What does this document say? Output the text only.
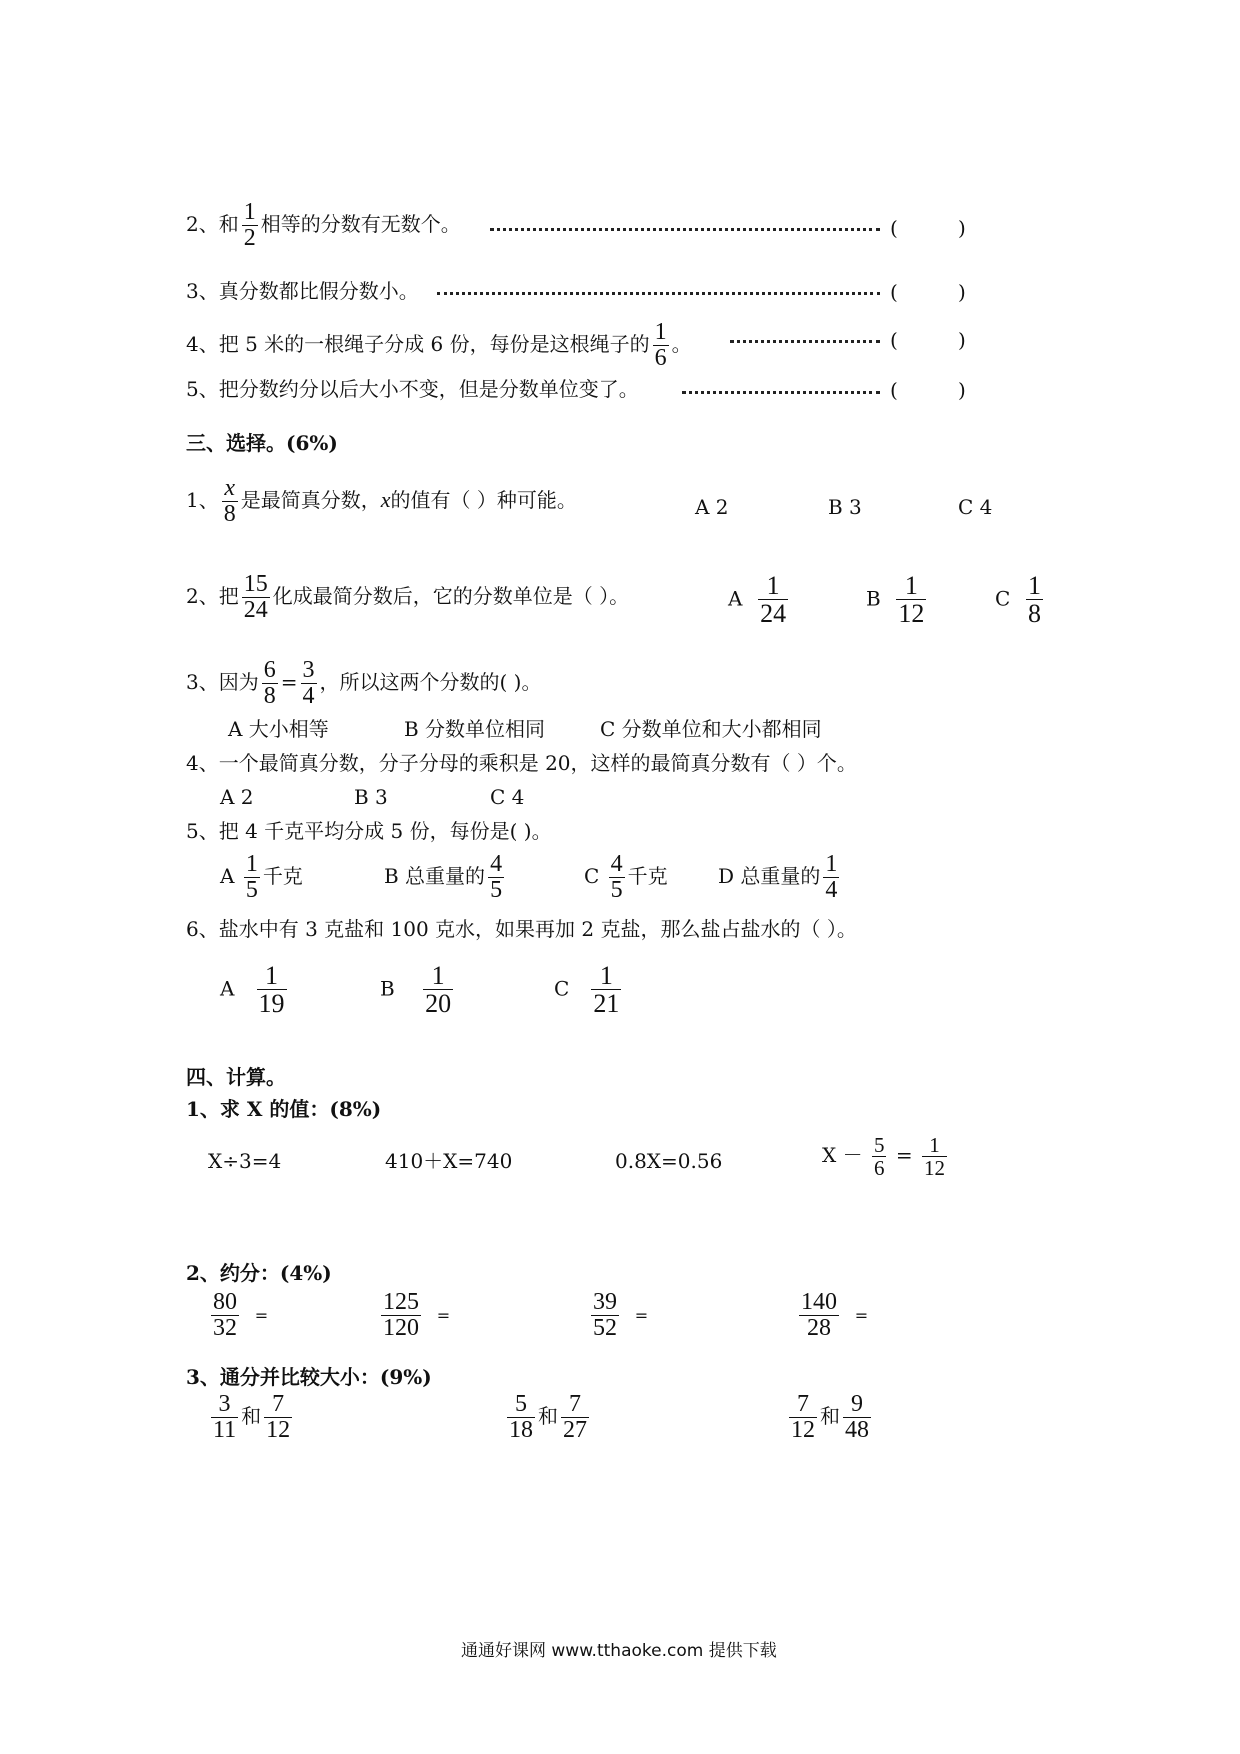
2、和 $\frac{1}{2}$ 相等的分数有无数个。	(	)
3、真分数都比假分数小。	(	)
4、把 5 米的一根绳子分成 6 份，每份是这根绳子的 $\frac{1}{6}$ 。	(	)
5、把分数约分以后大小不变，但是分数单位变了。	(	)
三、选择。(6%)
1、 $\frac{x}{8}$ 是最简真分数，x的值有（ ）种可能。	A 2	B 3	C 4
2、把 $\frac{15}{24}$ 化成最简分数后，它的分数单位是（ ）。	A $\frac{1}{24}$	B $\frac{1}{12}$	C $\frac{1}{8}$
3、因为 $\frac{6}{8} = \frac{3}{4}$ ，所以这两个分数的( )。
A 大小相等	B 分数单位相同	C 分数单位和大小都相同
4、一个最简真分数，分子分母的乘积是 20，这样的最简真分数有（ ）个。
A 2	B 3	C 4
5、把 4 千克平均分成 5 份，每份是( )。
A $\frac{1}{5}$ 千克	B 总重量的 $\frac{4}{5}$	C $\frac{4}{5}$ 千克	D 总重量的 $\frac{1}{4}$
6、盐水中有 3 克盐和 100 克水，如果再加 2 克盐，那么盐占盐水的（ ）。
A $\frac{1}{19}$	B $\frac{1}{20}$	C $\frac{1}{21}$
四、计算。
1、求 X 的值：(8%)
X÷3=4	410＋X=740	0.8X=0.56	$X - \frac{5}{6} = \frac{1}{12}$
2、约分：(4%)
$\frac{80}{32}$ =	$\frac{125}{120}$ =	$\frac{39}{52}$ =	$\frac{140}{28}$ =
3、通分并比较大小：(9%)
$\frac{3}{11}$ 和 $\frac{7}{12}$	$\frac{5}{18}$ 和 $\frac{7}{27}$	$\frac{7}{12}$ 和 $\frac{9}{48}$
通通好课网 www.tthaoke.com 提供下载
